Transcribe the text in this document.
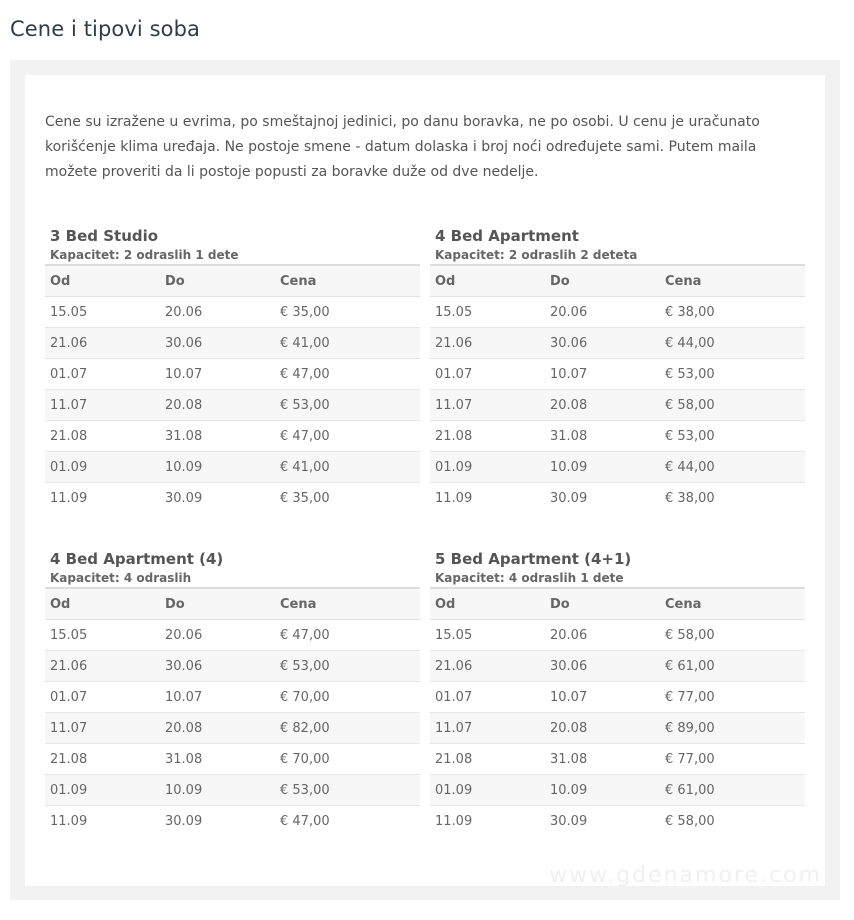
Cene i tipovi soba

Cene su izražene u evrima, po smeštajnoj jedinici, po danu boravka, ne po osobi. U cenu je uračunato korišćenje klima uređaja. Ne postoje smene - datum dolaska i broj noći određujete sami. Putem maila možete proveriti da li postoje popusti za boravke duže od dve nedelje.

3 Bed Studio
Kapacitet: 2 odraslih 1 dete
Od	Do	Cena
15.05	20.06	€ 35,00
21.06	30.06	€ 41,00
01.07	10.07	€ 47,00
11.07	20.08	€ 53,00
21.08	31.08	€ 47,00
01.09	10.09	€ 41,00
11.09	30.09	€ 35,00
4 Bed Apartment
Kapacitet: 2 odraslih 2 deteta
Od	Do	Cena
15.05	20.06	€ 38,00
21.06	30.06	€ 44,00
01.07	10.07	€ 53,00
11.07	20.08	€ 58,00
21.08	31.08	€ 53,00
01.09	10.09	€ 44,00
11.09	30.09	€ 38,00
4 Bed Apartment (4)
Kapacitet: 4 odraslih
Od	Do	Cena
15.05	20.06	€ 47,00
21.06	30.06	€ 53,00
01.07	10.07	€ 70,00
11.07	20.08	€ 82,00
21.08	31.08	€ 70,00
01.09	10.09	€ 53,00
11.09	30.09	€ 47,00
5 Bed Apartment (4+1)
Kapacitet: 4 odraslih 1 dete
Od	Do	Cena
15.05	20.06	€ 58,00
21.06	30.06	€ 61,00
01.07	10.07	€ 77,00
11.07	20.08	€ 89,00
21.08	31.08	€ 77,00
01.09	10.09	€ 61,00
11.09	30.09	€ 58,00
www.gdenamore.com
